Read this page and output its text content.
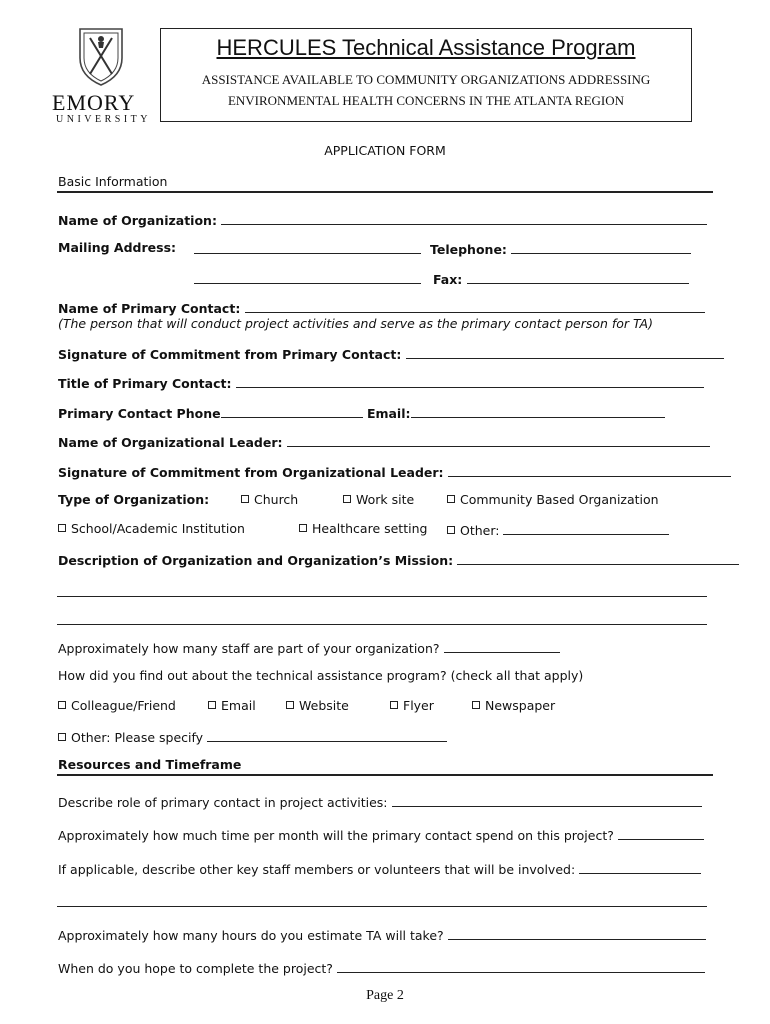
EMORY
UNIVERSITY
HERCULES Technical Assistance Program
ASSISTANCE AVAILABLE TO COMMUNITY ORGANIZATIONS ADDRESSING
ENVIRONMENTAL HEALTH CONCERNS IN THE ATLANTA REGION
APPLICATION FORM
Basic Information
Name of Organization:
Mailing Address:	Telephone:
Fax:
Name of Primary Contact:
(The person that will conduct project activities and serve as the primary contact person for TA)
Signature of Commitment from Primary Contact:
Title of Primary Contact:
Primary Contact Phone	Email:
Name of Organizational Leader:
Signature of Commitment from Organizational Leader:
Type of Organization:	Church	Work site	Community Based Organization
School/Academic Institution	Healthcare setting	Other:
Description of Organization and Organization’s Mission:
Approximately how many staff are part of your organization?
How did you find out about the technical assistance program? (check all that apply)
Colleague/Friend	Email	Website	Flyer	Newspaper
Other: Please specify
Resources and Timeframe
Describe role of primary contact in project activities:
Approximately how much time per month will the primary contact spend on this project?
If applicable, describe other key staff members or volunteers that will be involved:
Approximately how many hours do you estimate TA will take?
When do you hope to complete the project?
Page 2
